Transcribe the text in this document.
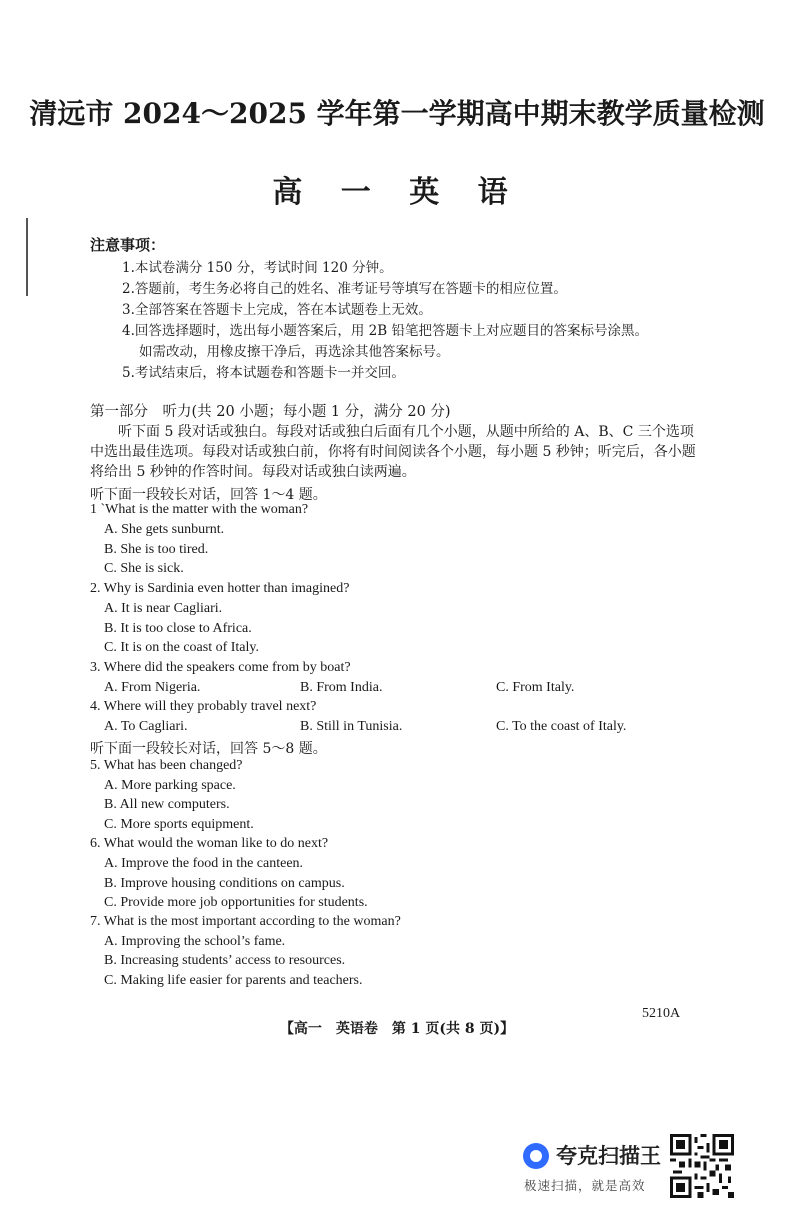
清远市 2024～2025 学年第一学期高中期末教学质量检测
高 一 英 语
注意事项：
1.本试卷满分 150 分，考试时间 120 分钟。
2.答题前，考生务必将自己的姓名、准考证号等填写在答题卡的相应位置。
3.全部答案在答题卡上完成，答在本试题卷上无效。
4.回答选择题时，选出每小题答案后，用 2B 铅笔把答题卡上对应题目的答案标号涂黑。
如需改动，用橡皮擦干净后，再选涂其他答案标号。
5.考试结束后，将本试题卷和答题卡一并交回。
第一部分　听力(共 20 小题；每小题 1 分，满分 20 分)
听下面 5 段对话或独白。每段对话或独白后面有几个小题，从题中所给的 A、B、C 三个选项中选出最佳选项。每段对话或独白前，你将有时间阅读各个小题，每小题 5 秒钟；听完后，各小题将给出 5 秒钟的作答时间。每段对话或独白读两遍。
听下面一段较长对话，回答 1～4 题。
1 `What is the matter with the woman?
A. She gets sunburnt.
B. She is too tired.
C. She is sick.
2. Why is Sardinia even hotter than imagined?
A. It is near Cagliari.
B. It is too close to Africa.
C. It is on the coast of Italy.
3. Where did the speakers come from by boat?
A. From Nigeria.	B. From India.	C. From Italy.
4. Where will they probably travel next?
A. To Cagliari.	B. Still in Tunisia.	C. To the coast of Italy.
听下面一段较长对话，回答 5～8 题。
5. What has been changed?
A. More parking space.
B. All new computers.
C. More sports equipment.
6. What would the woman like to do next?
A. Improve the food in the canteen.
B. Improve housing conditions on campus.
C. Provide more job opportunities for students.
7. What is the most important according to the woman?
A. Improving the school’s fame.
B. Increasing students’ access to resources.
C. Making life easier for parents and teachers.
5210A
【高一　英语卷　第 1 页(共 8 页)】
夸克扫描王
极速扫描，就是高效
